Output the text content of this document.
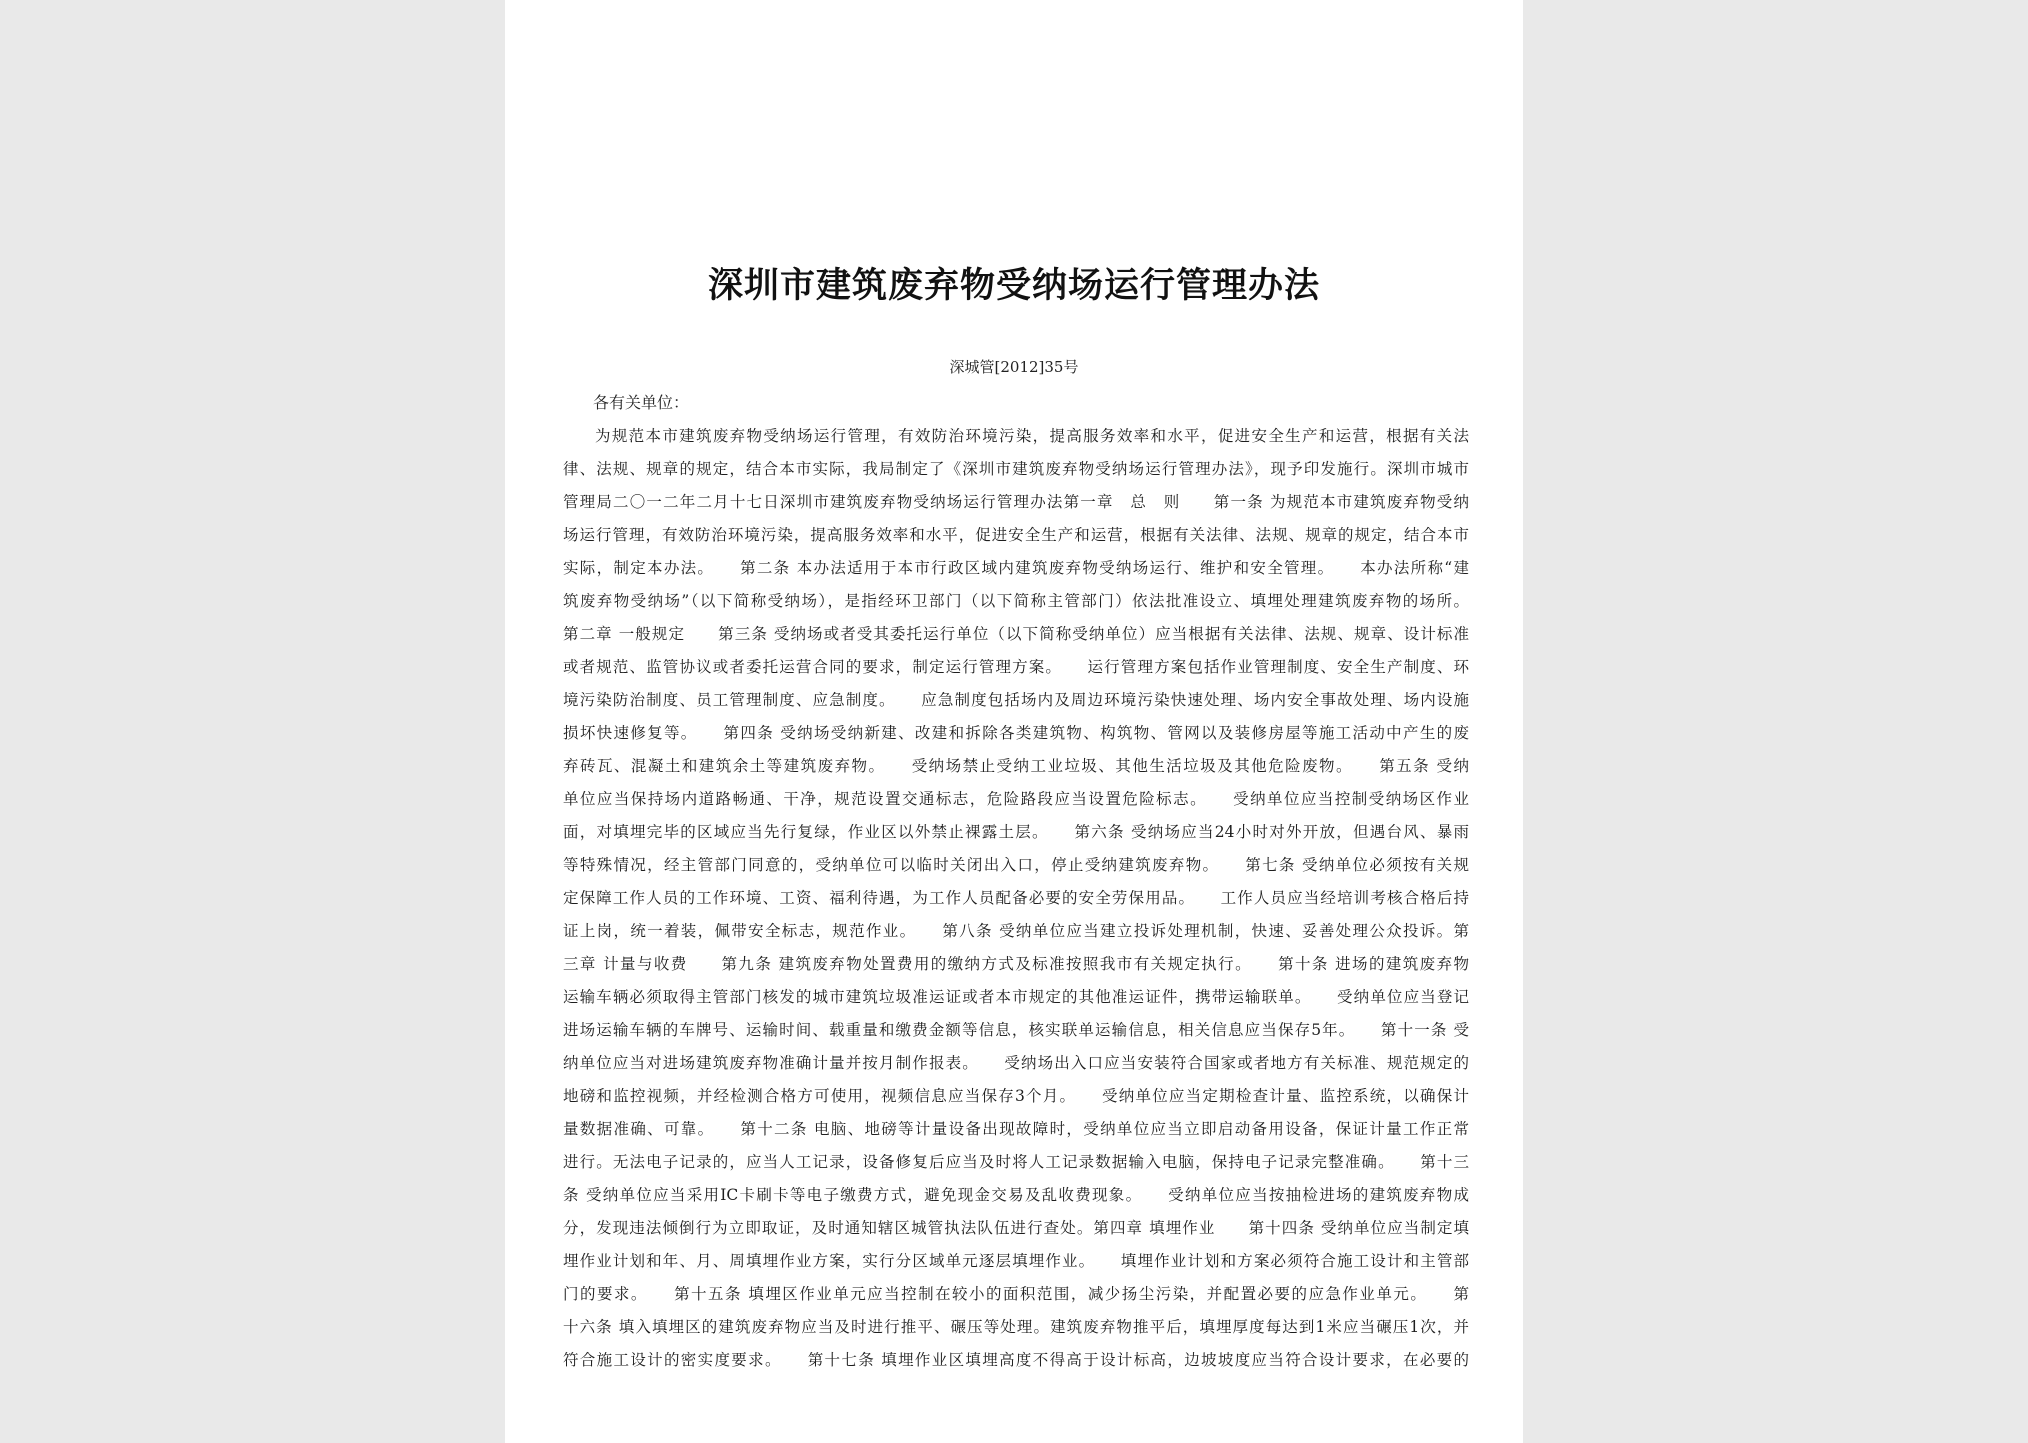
深圳市建筑废弃物受纳场运行管理办法
深城管[2012]35号
各有关单位：
为规范本市建筑废弃物受纳场运行管理，有效防治环境污染，提高服务效率和水平，促进安全生产和运营，根据有关法
律、法规、规章的规定，结合本市实际，我局制定了《深圳市建筑废弃物受纳场运行管理办法》，现予印发施行。深圳市城市
管理局二〇一二年二月十七日深圳市建筑废弃物受纳场运行管理办法第一章　总　则　　第一条 为规范本市建筑废弃物受纳
场运行管理，有效防治环境污染，提高服务效率和水平，促进安全生产和运营，根据有关法律、法规、规章的规定，结合本市
实际，制定本办法。　　第二条 本办法适用于本市行政区域内建筑废弃物受纳场运行、维护和安全管理。　　本办法所称“建
筑废弃物受纳场”（以下简称受纳场），是指经环卫部门（以下简称主管部门）依法批准设立、填埋处理建筑废弃物的场所。
第二章 一般规定　　第三条 受纳场或者受其委托运行单位（以下简称受纳单位）应当根据有关法律、法规、规章、设计标准
或者规范、监管协议或者委托运营合同的要求，制定运行管理方案。　　运行管理方案包括作业管理制度、安全生产制度、环
境污染防治制度、员工管理制度、应急制度。　　应急制度包括场内及周边环境污染快速处理、场内安全事故处理、场内设施
损坏快速修复等。　　第四条 受纳场受纳新建、改建和拆除各类建筑物、构筑物、管网以及装修房屋等施工活动中产生的废
弃砖瓦、混凝土和建筑余土等建筑废弃物。　　受纳场禁止受纳工业垃圾、其他生活垃圾及其他危险废物。　　第五条 受纳
单位应当保持场内道路畅通、干净，规范设置交通标志，危险路段应当设置危险标志。　　受纳单位应当控制受纳场区作业
面，对填埋完毕的区域应当先行复绿，作业区以外禁止裸露土层。　　第六条 受纳场应当24小时对外开放，但遇台风、暴雨
等特殊情况，经主管部门同意的，受纳单位可以临时关闭出入口，停止受纳建筑废弃物。　　第七条 受纳单位必须按有关规
定保障工作人员的工作环境、工资、福利待遇，为工作人员配备必要的安全劳保用品。　　工作人员应当经培训考核合格后持
证上岗，统一着装，佩带安全标志，规范作业。　　第八条 受纳单位应当建立投诉处理机制，快速、妥善处理公众投诉。第
三章 计量与收费　　第九条 建筑废弃物处置费用的缴纳方式及标准按照我市有关规定执行。　　第十条 进场的建筑废弃物
运输车辆必须取得主管部门核发的城市建筑垃圾准运证或者本市规定的其他准运证件，携带运输联单。　　受纳单位应当登记
进场运输车辆的车牌号、运输时间、载重量和缴费金额等信息，核实联单运输信息，相关信息应当保存5年。　　第十一条 受
纳单位应当对进场建筑废弃物准确计量并按月制作报表。　　受纳场出入口应当安装符合国家或者地方有关标准、规范规定的
地磅和监控视频，并经检测合格方可使用，视频信息应当保存3个月。　　受纳单位应当定期检查计量、监控系统，以确保计
量数据准确、可靠。　　第十二条 电脑、地磅等计量设备出现故障时，受纳单位应当立即启动备用设备，保证计量工作正常
进行。无法电子记录的，应当人工记录，设备修复后应当及时将人工记录数据输入电脑，保持电子记录完整准确。　　第十三
条 受纳单位应当采用IC卡刷卡等电子缴费方式，避免现金交易及乱收费现象。　　受纳单位应当按抽检进场的建筑废弃物成
分，发现违法倾倒行为立即取证，及时通知辖区城管执法队伍进行查处。第四章 填埋作业　　第十四条 受纳单位应当制定填
埋作业计划和年、月、周填埋作业方案，实行分区域单元逐层填埋作业。　　填埋作业计划和方案必须符合施工设计和主管部
门的要求。　　第十五条 填埋区作业单元应当控制在较小的面积范围，减少扬尘污染，并配置必要的应急作业单元。　　第
十六条 填入填埋区的建筑废弃物应当及时进行推平、碾压等处理。建筑废弃物推平后，填埋厚度每达到1米应当碾压1次，并
符合施工设计的密实度要求。　　第十七条 填埋作业区填埋高度不得高于设计标高，边坡坡度应当符合设计要求，在必要的
